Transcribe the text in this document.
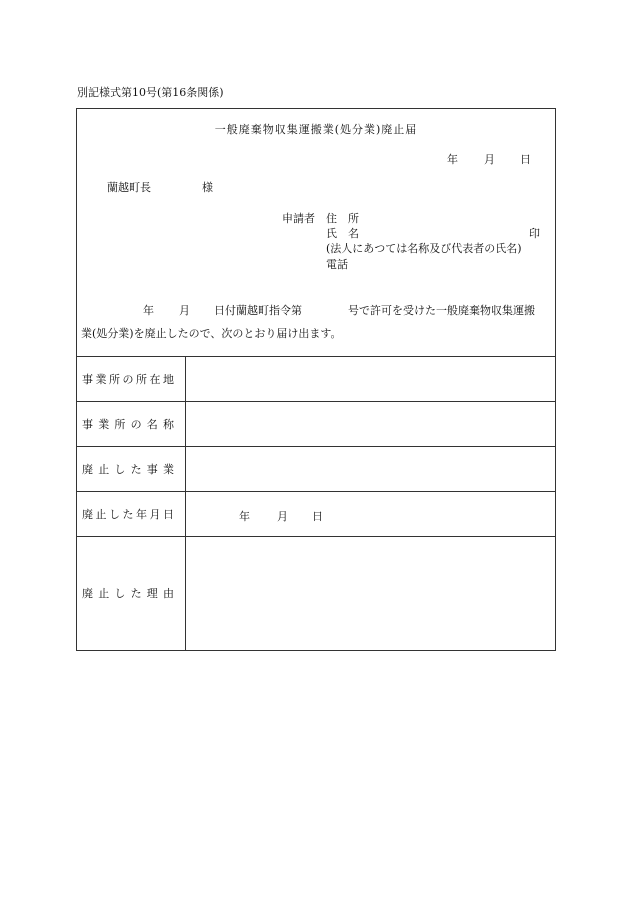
別記様式第10号(第16条関係)
一般廃棄物収集運搬業(処分業)廃止届
年 月 日
蘭越町長	様
申請者 住　所
氏　名	印
(法人にあつては名称及び代表者の氏名)
電話
年 月 日付蘭越町指令第	号で許可を受けた一般廃棄物収集運搬
業(処分業)を廃止したので、次のとおり届け出ます。
事業所の所在地	

事業所の名称	

廃止した事業	

廃止した年月日	年 月 日

廃止した理由	
